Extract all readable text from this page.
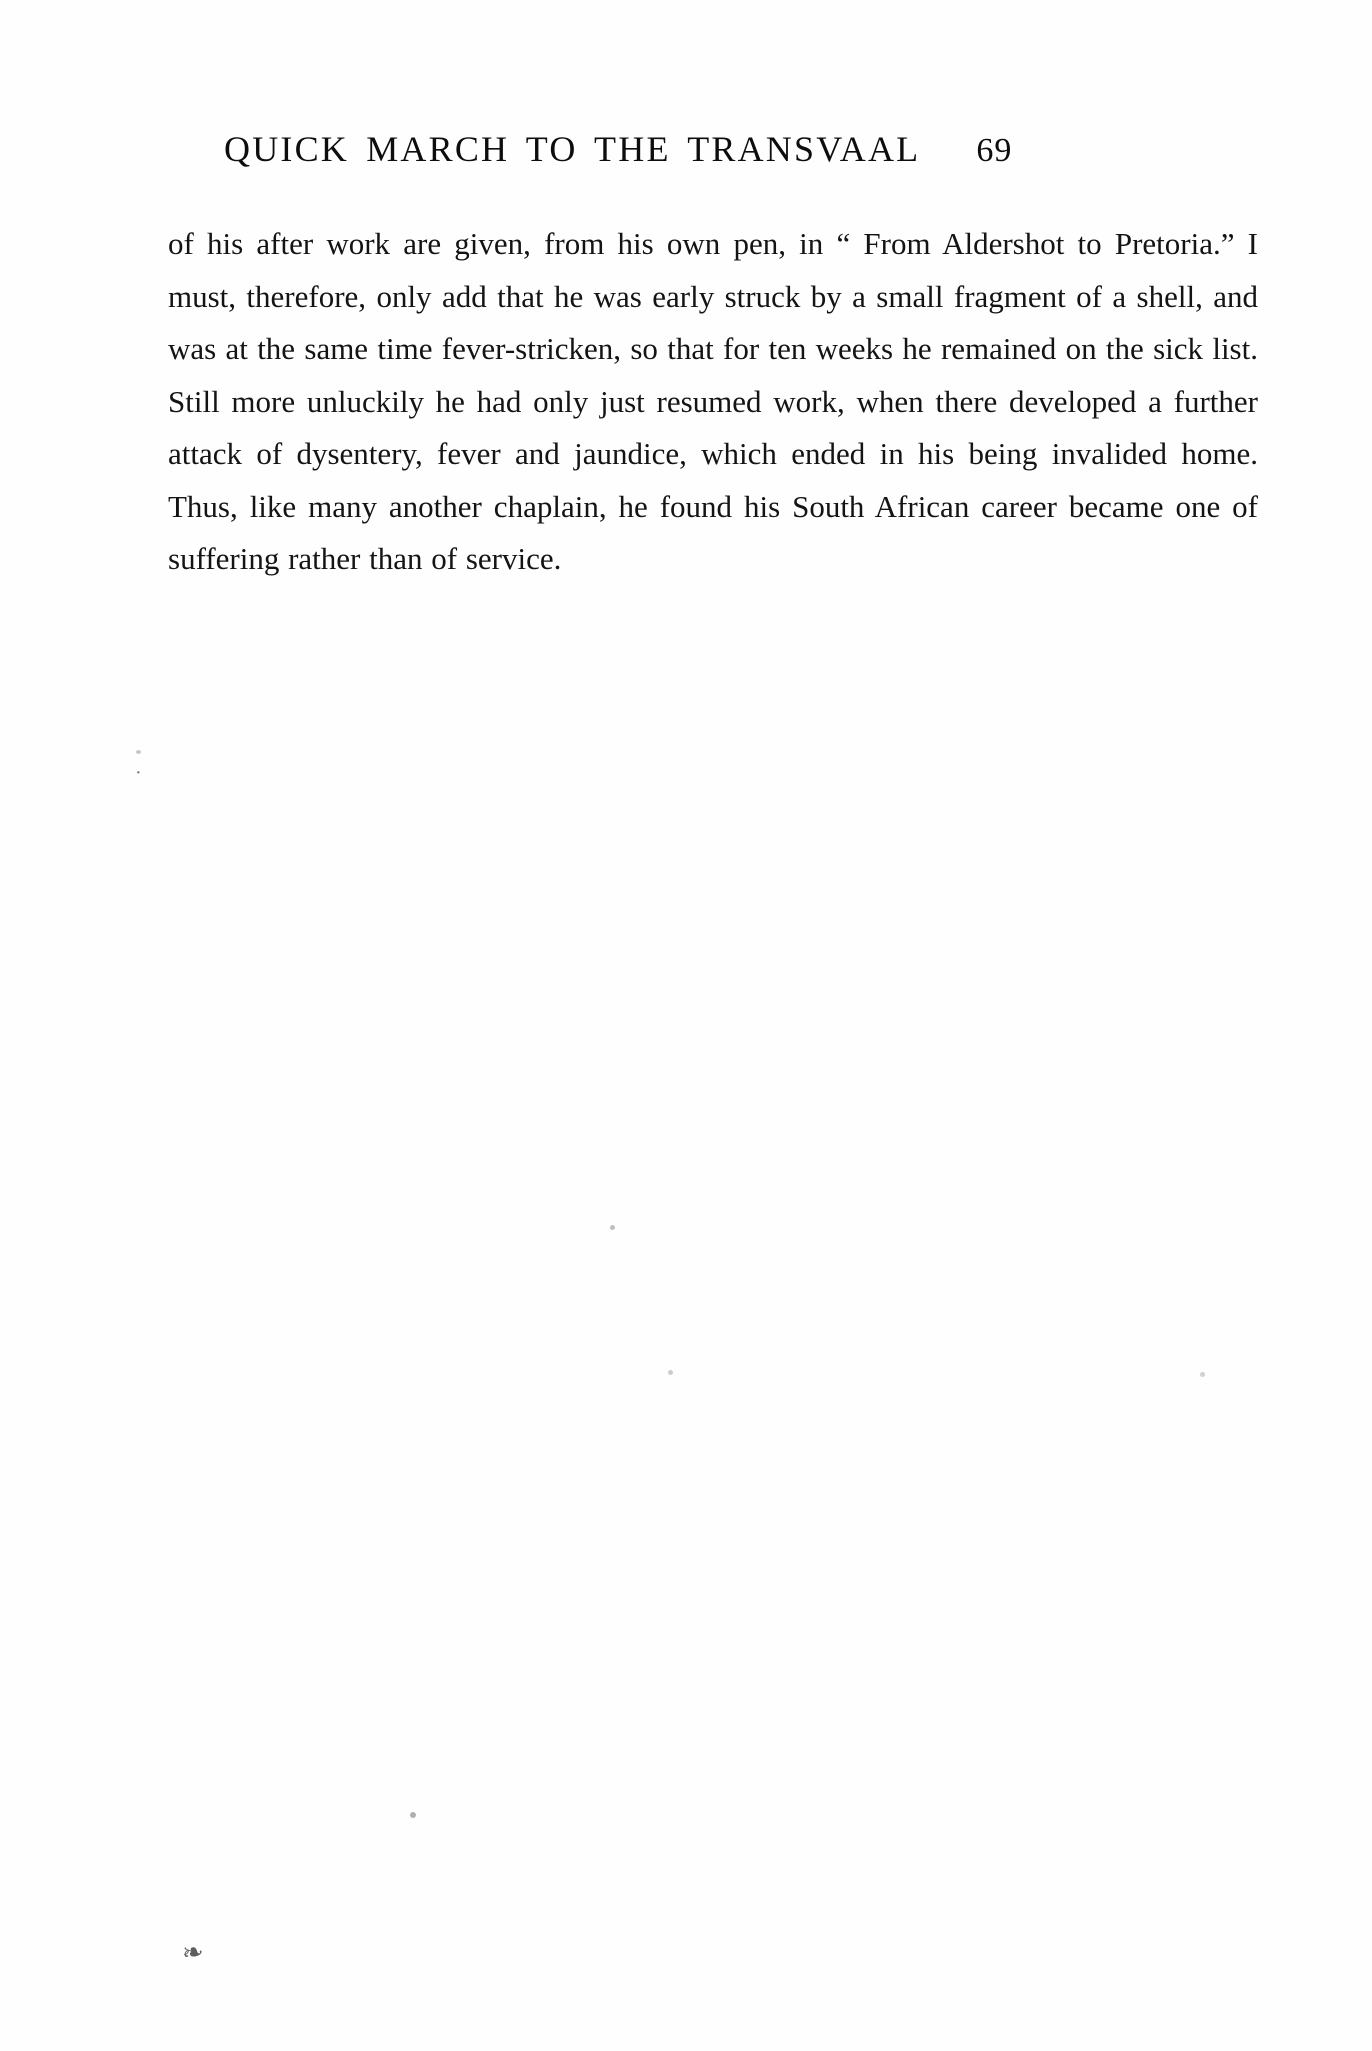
QUICK MARCH TO THE TRANSVAAL 69

of his after work are given, from his own pen, in “ From Aldershot to Pretoria.” I must, therefore, only add that he was early struck by a small fragment of a shell, and was at the same time fever-stricken, so that for ten weeks he remained on the sick list. Still more unluckily he had only just resumed work, when there developed a further attack of dysentery, fever and jaundice, which ended in his being invalided home. Thus, like many another chaplain, he found his South African career became one of suffering rather than of service.

·
❧
